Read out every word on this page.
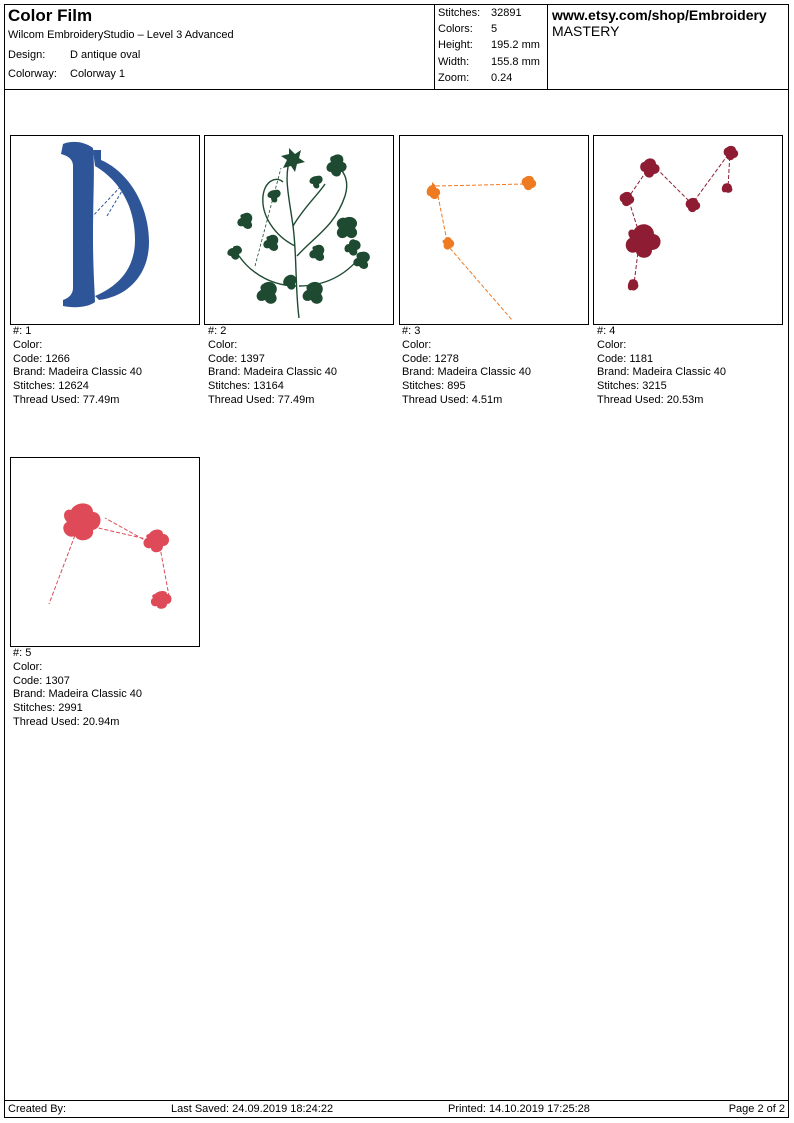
Color Film
Wilcom EmbroideryStudio – Level 3 Advanced
Design: D antique oval
Colorway: Colorway 1
Stitches: 32891
Colors: 5
Height: 195.2 mm
Width: 155.8 mm
Zoom: 0.24
www.etsy.com/shop/Embroidery
MASTERY
#: 1
Color:
Code: 1266
Brand: Madeira Classic 40
Stitches: 12624
Thread Used: 77.49m
#: 2
Color:
Code: 1397
Brand: Madeira Classic 40
Stitches: 13164
Thread Used: 77.49m
#: 3
Color:
Code: 1278
Brand: Madeira Classic 40
Stitches: 895
Thread Used: 4.51m
#: 4
Color:
Code: 1181
Brand: Madeira Classic 40
Stitches: 3215
Thread Used: 20.53m
#: 5
Color:
Code: 1307
Brand: Madeira Classic 40
Stitches: 2991
Thread Used: 20.94m
Created By:	Last Saved: 24.09.2019 18:24:22	Printed: 14.10.2019 17:25:28	Page 2 of 2
